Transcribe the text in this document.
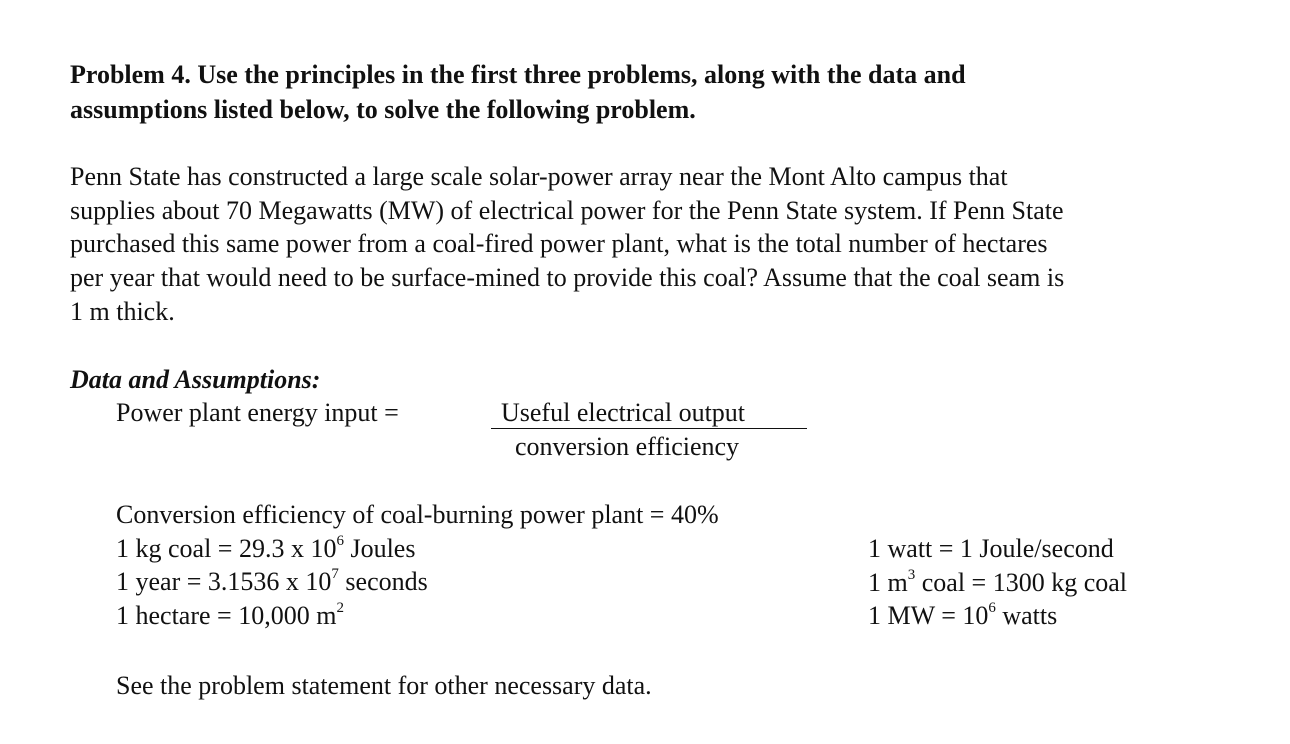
Problem 4. Use the principles in the first three problems, along with the data and
assumptions listed below, to solve the following problem.
Penn State has constructed a large scale solar-power array near the Mont Alto campus that
supplies about 70 Megawatts (MW) of electrical power for the Penn State system. If Penn State
purchased this same power from a coal-fired power plant, what is the total number of hectares
per year that would need to be surface-mined to provide this coal? Assume that the coal seam is
1 m thick.
Data and Assumptions:
Power plant energy input =	Useful electrical output
conversion efficiency
Conversion efficiency of coal-burning power plant = 40%
1 kg coal = 29.3 x $10^6$ Joules
1 year = 3.1536 x $10^7$ seconds
1 hectare = 10,000 $m^2$
1 watt = 1 Joule/second
1 $m^3$ coal = 1300 kg coal
1 MW = $10^6$ watts
See the problem statement for other necessary data.
